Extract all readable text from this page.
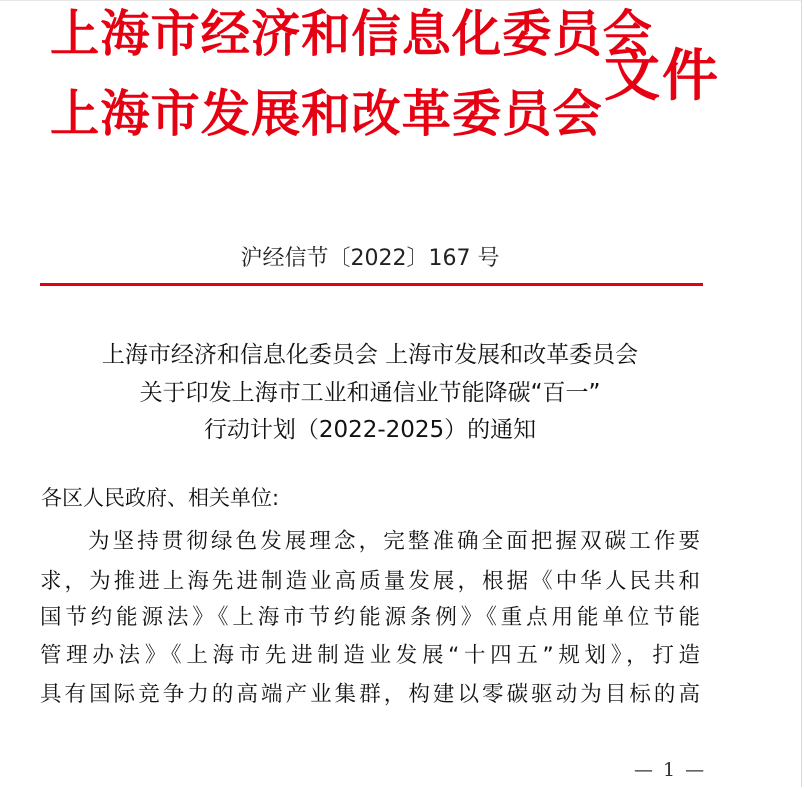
上海市经济和信息化委员会
上海市发展和改革委员会
文件
沪经信节〔2022〕167 号
上海市经济和信息化委员会 上海市发展和改革委员会
关于印发上海市工业和通信业节能降碳“百一”
行动计划（2022-2025）的通知
各区人民政府、相关单位:
为坚持贯彻绿色发展理念，完整准确全面把握双碳工作要
求，为推进上海先进制造业高质量发展，根据《中华人民共和
国节约能源法》《上海市节约能源条例》《重点用能单位节能
管理办法》《上海市先进制造业发展“十四五”规划》，打造
具有国际竞争力的高端产业集群，构建以零碳驱动为目标的高
— 1 —
